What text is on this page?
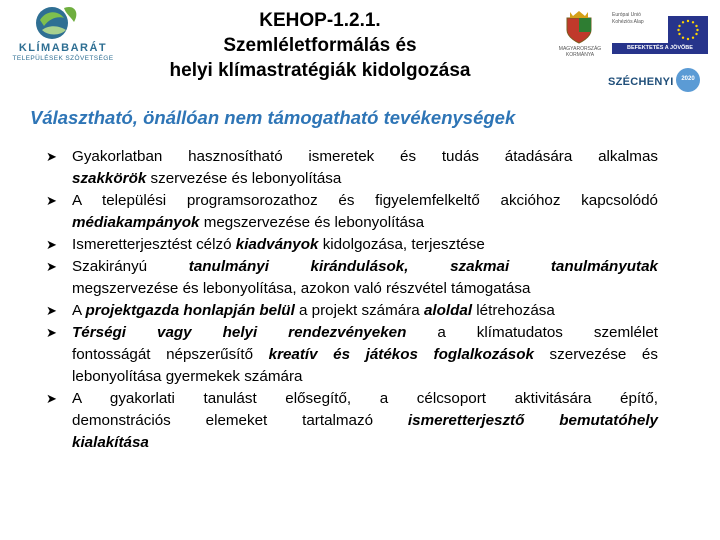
KLÍMABARÁT
TELEPÜLÉSEK SZÖVETSÉGE
KEHOP-1.2.1.
Szemléletformálás és
helyi klímastratégiák kidolgozása
MAGYARORSZÁG KORMÁNYA
Európai Unió
Kohéziós Alap
BEFEKTETÉS A JÖVŐBE
SZÉCHENYI	2020
Választható, önállóan nem támogatható tevékenységek
➤ Gyakorlatban hasznosítható ismeretek és tudás átadására alkalmas
szakkörök szervezése és lebonyolítása
➤ A települési programsorozathoz és figyelemfelkeltő akcióhoz kapcsolódó
médiakampányok megszervezése és lebonyolítása
➤ Ismeretterjesztést célzó kiadványok kidolgozása, terjesztése
➤ Szakirányú tanulmányi kirándulások, szakmai tanulmányutak
megszervezése és lebonyolítása, azokon való részvétel támogatása
➤ A projektgazda honlapján belül a projekt számára aloldal létrehozása
➤ Térségi vagy helyi rendezvényeken a klímatudatos szemlélet
fontosságát népszerűsítő kreatív és játékos foglalkozások szervezése és
lebonyolítása gyermekek számára
➤ A gyakorlati tanulást elősegítő, a célcsoport aktivitására építő,
demonstrációs elemeket tartalmazó ismeretterjesztő bemutatóhely
kialakítása
